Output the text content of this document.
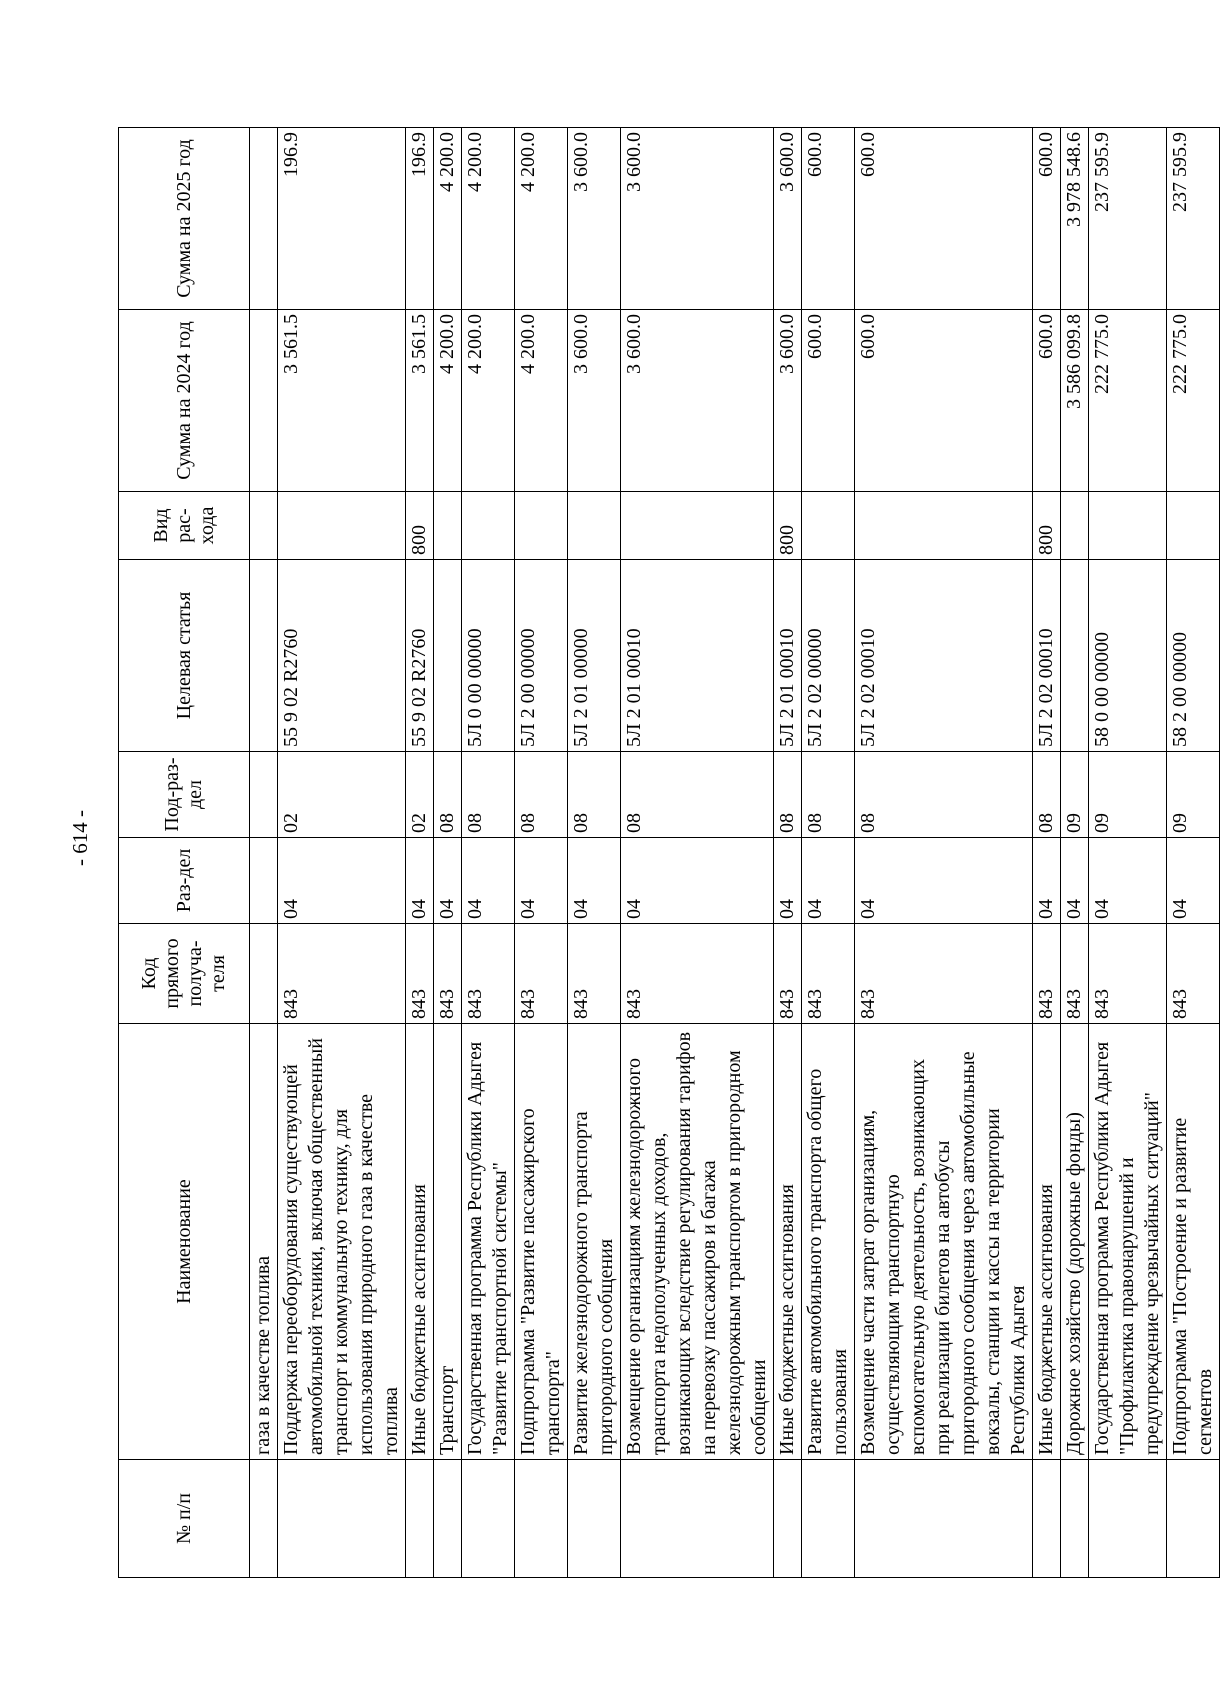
- 614 -
№ п/п	Наименование	Код прямого получа-теля	Раз-дел	Под-раз-дел	Целевая статья	Вид рас-хода	Сумма на 2024 год	Сумма на 2025 год
	газа в качестве топлива							
	Поддержка переоборудования существующей автомобильной техники, включая общественный транспорт и коммунальную технику, для использования природного газа в качестве топлива	843	04	02	55 9 02 R2760		3 561.5	196.9
	Иные бюджетные ассигнования	843	04	02	55 9 02 R2760	800	3 561.5	196.9
	Транспорт	843	04	08			4 200.0	4 200.0
	Государственная программа Республики Адыгея "Развитие транспортной системы"	843	04	08	5Л 0 00 00000		4 200.0	4 200.0
	Подпрограмма "Развитие пассажирского транспорта"	843	04	08	5Л 2 00 00000		4 200.0	4 200.0
	Развитие железнодорожного транспорта пригородного сообщения	843	04	08	5Л 2 01 00000		3 600.0	3 600.0
	Возмещение организациям железнодорожного транспорта недополученных доходов, возникающих вследствие регулирования тарифов на перевозку пассажиров и багажа железнодорожным транспортом в пригородном сообщении	843	04	08	5Л 2 01 00010		3 600.0	3 600.0
	Иные бюджетные ассигнования	843	04	08	5Л 2 01 00010	800	3 600.0	3 600.0
	Развитие автомобильного транспорта общего пользования	843	04	08	5Л 2 02 00000		600.0	600.0
	Возмещение части затрат организациям, осуществляющим транспортную вспомогательную деятельность, возникающих при реализации билетов на автобусы пригородного сообщения через автомобильные вокзалы, станции и кассы на территории Республики Адыгея	843	04	08	5Л 2 02 00010		600.0	600.0
	Иные бюджетные ассигнования	843	04	08	5Л 2 02 00010	800	600.0	600.0
	Дорожное хозяйство (дорожные фонды)	843	04	09			3 586 099.8	3 978 548.6
	Государственная программа Республики Адыгея "Профилактика правонарушений и предупреждение чрезвычайных ситуаций"	843	04	09	58 0 00 00000		222 775.0	237 595.9
	Подпрограмма "Построение и развитие сегментов	843	04	09	58 2 00 00000		222 775.0	237 595.9
